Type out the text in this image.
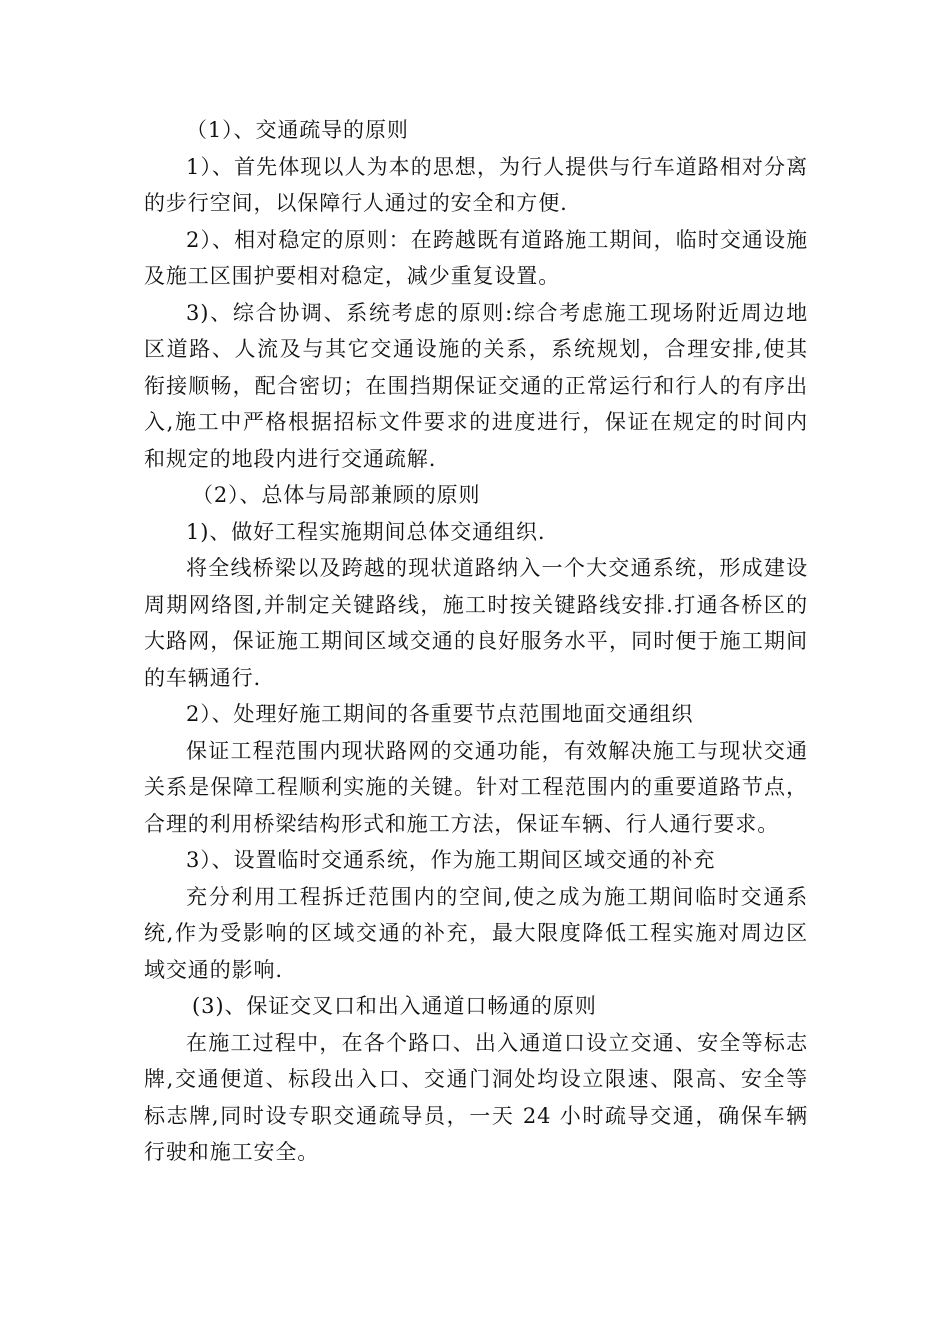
（1）、交通疏导的原则

1）、首先体现以人为本的思想，为行人提供与行车道路相对分离的步行空间，以保障行人通过的安全和方便.

2）、相对稳定的原则：在跨越既有道路施工期间，临时交通设施及施工区围护要相对稳定，减少重复设置。

3)、综合协调、系统考虑的原则:综合考虑施工现场附近周边地区道路、人流及与其它交通设施的关系，系统规划，合理安排,使其衔接顺畅，配合密切；在围挡期保证交通的正常运行和行人的有序出入,施工中严格根据招标文件要求的进度进行，保证在规定的时间内和规定的地段内进行交通疏解.

（2）、总体与局部兼顾的原则

1)、做好工程实施期间总体交通组织.

将全线桥梁以及跨越的现状道路纳入一个大交通系统，形成建设周期网络图,并制定关键路线，施工时按关键路线安排.打通各桥区的大路网，保证施工期间区域交通的良好服务水平，同时便于施工期间的车辆通行.

2）、处理好施工期间的各重要节点范围地面交通组织

保证工程范围内现状路网的交通功能，有效解决施工与现状交通关系是保障工程顺利实施的关键。针对工程范围内的重要道路节点，合理的利用桥梁结构形式和施工方法，保证车辆、行人通行要求。

3）、设置临时交通系统，作为施工期间区域交通的补充

充分利用工程拆迁范围内的空间,使之成为施工期间临时交通系统,作为受影响的区域交通的补充，最大限度降低工程实施对周边区域交通的影响.

(3)、保证交叉口和出入通道口畅通的原则

在施工过程中，在各个路口、出入通道口设立交通、安全等标志牌,交通便道、标段出入口、交通门洞处均设立限速、限高、安全等标志牌,同时设专职交通疏导员，一天 24 小时疏导交通，确保车辆行驶和施工安全。
